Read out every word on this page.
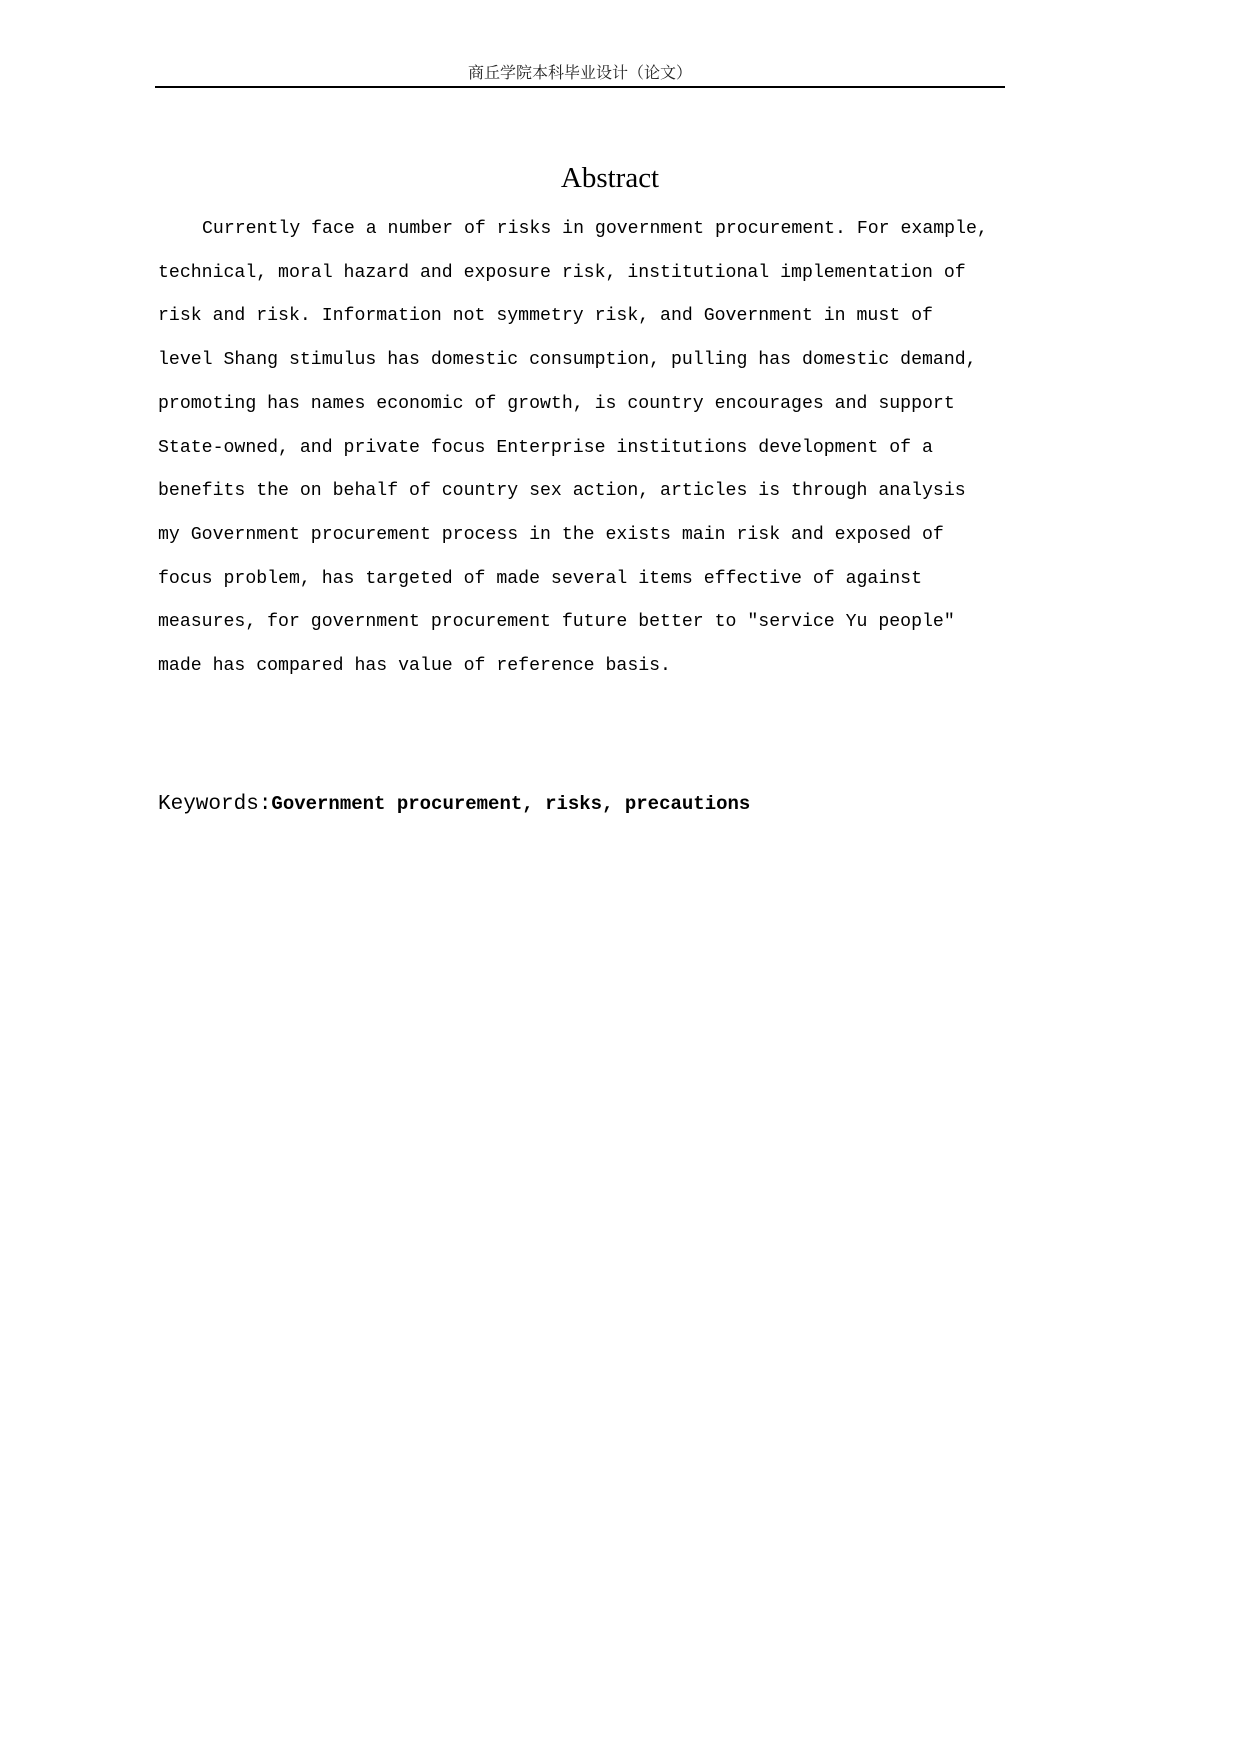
商丘学院本科毕业设计（论文）
Abstract
Currently face a number of risks in government procurement. For example,
technical, moral hazard and exposure risk, institutional implementation of
risk and risk. Information not symmetry risk, and Government in must of
level Shang stimulus has domestic consumption, pulling has domestic demand,
promoting has names economic of growth, is country encourages and support
State-owned, and private focus Enterprise institutions development of a
benefits the on behalf of country sex action, articles is through analysis
my Government procurement process in the exists main risk and exposed of
focus problem, has targeted of made several items effective of against
measures, for government procurement future better to "service Yu people"
made has compared has value of reference basis.
Keywords:Government procurement, risks, precautions
